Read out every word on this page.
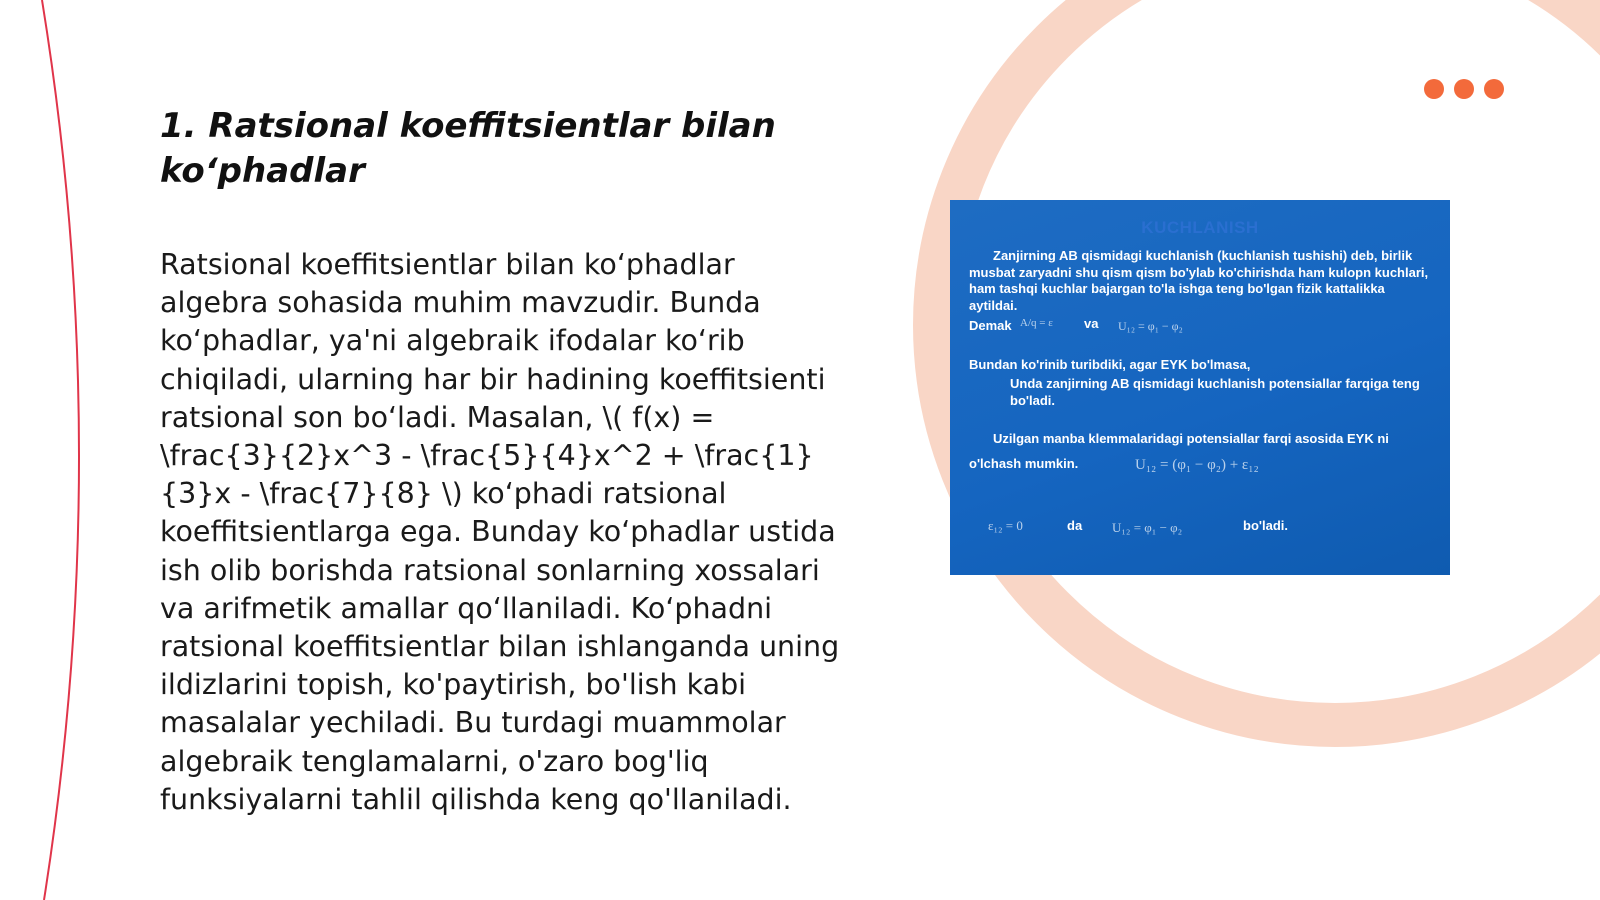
1. Ratsional koeffitsientlar bilan ko‘phadlar

Ratsional koeffitsientlar bilan ko‘phadlar algebra sohasida muhim mavzudir. Bunda ko‘phadlar, ya'ni algebraik ifodalar ko‘rib chiqiladi, ularning har bir hadining koeffitsienti ratsional son bo‘ladi. Masalan, \( f(x) = \frac{3}{2}x^3 - \frac{5}{4}x^2 + \frac{1}{3}x - \frac{7}{8} \) ko‘phadi ratsional koeffitsientlarga ega. Bunday ko‘phadlar ustida ish olib borishda ratsional sonlarning xossalari va arifmetik amallar qo‘llaniladi. Ko‘phadni ratsional koeffitsientlar bilan ishlanganda uning ildizlarini topish, ko'paytirish, bo'lish kabi masalalar yechiladi. Bu turdagi muammolar algebraik tenglamalarni, o'zaro bog'liq funksiyalarni tahlil qilishda keng qo'llaniladi.

KUCHLANISH
Zanjirning AB qismidagi kuchlanish (kuchlanish tushishi) deb, birlik musbat zaryadni shu qism qism bo'ylab ko'chirishda ham kulopn kuchlari, ham tashqi kuchlar bajargan to'la ishga teng bo'lgan fizik kattalikka aytildai.
Demak A/q = ε va U₁₂ = φ₁ − φ₂
Bundan ko'rinib turibdiki, agar EYK bo'lmasa,
Unda zanjirning AB qismidagi kuchlanish potensiallar farqiga teng bo'ladi.
Uzilgan manba klemmalaridagi potensiallar farqi asosida EYK ni
o'lchash mumkin.	U₁₂ = (φ₁ − φ₂) + ε₁₂
ε₁₂ = 0	da U₁₂ = φ₁ − φ₂	bo'ladi.
